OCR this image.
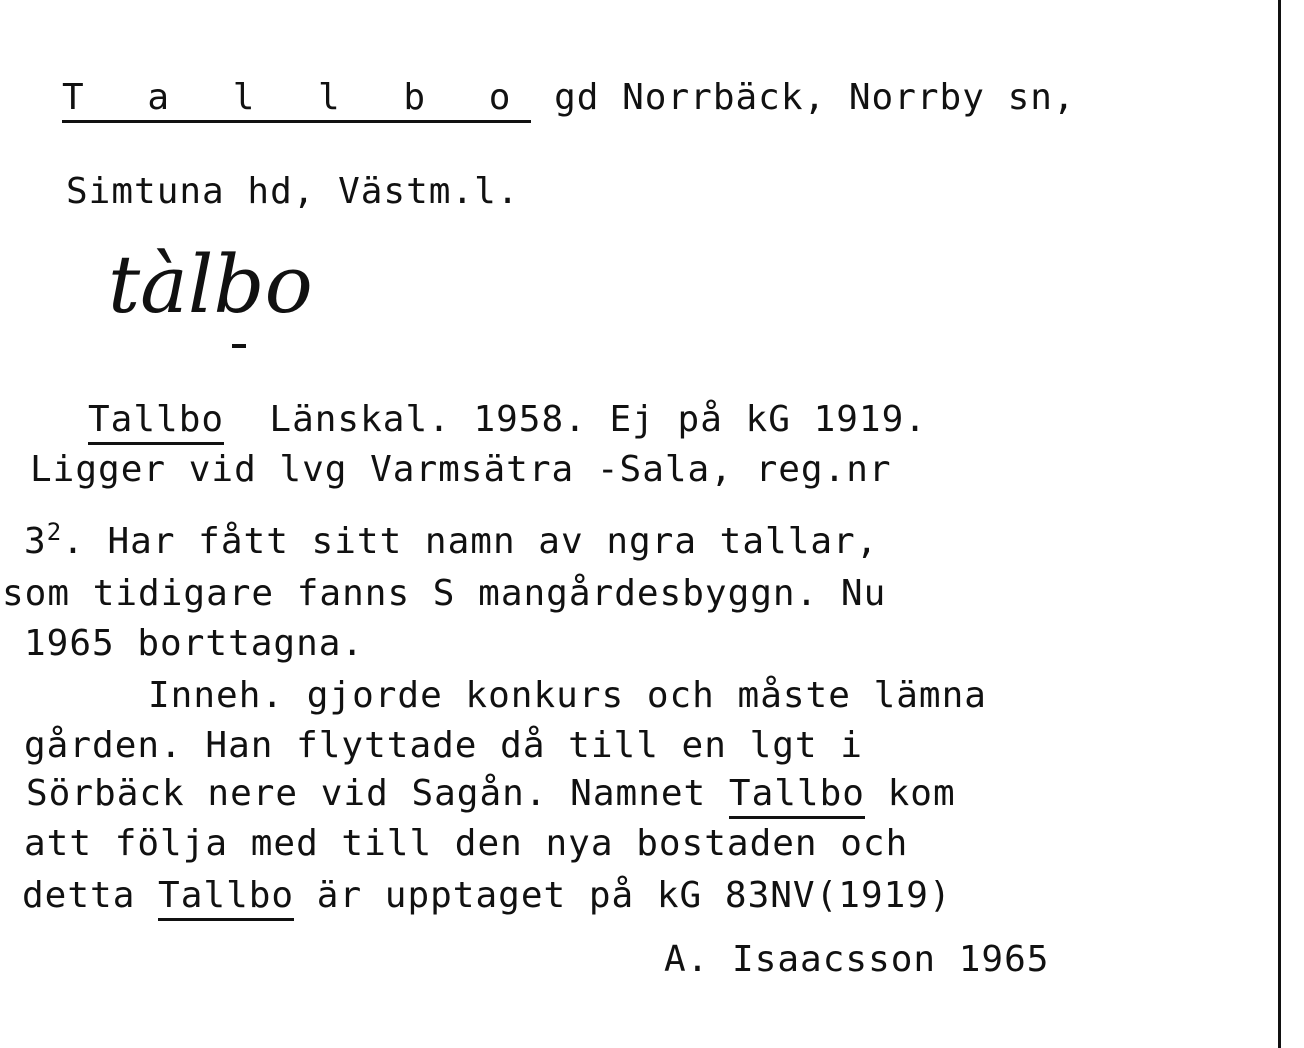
T a l l b o gd Norrbäck, Norrby sn,
Simtuna hd, Västm.l.
tàlbo
Tallbo  Länskal. 1958. Ej på kG 1919.
Ligger vid lvg Varmsätra -Sala, reg.nr
$3^2$. Har fått sitt namn av ngra tallar,
som tidigare fanns S mangårdesbyggn. Nu
1965 borttagna.
Inneh. gjorde konkurs och måste lämna
gården. Han flyttade då till en lgt i
Sörbäck nere vid Sagån. Namnet Tallbo kom
att följa med till den nya bostaden och
detta Tallbo är upptaget på kG 83NV(1919)
A. Isaacsson 1965
